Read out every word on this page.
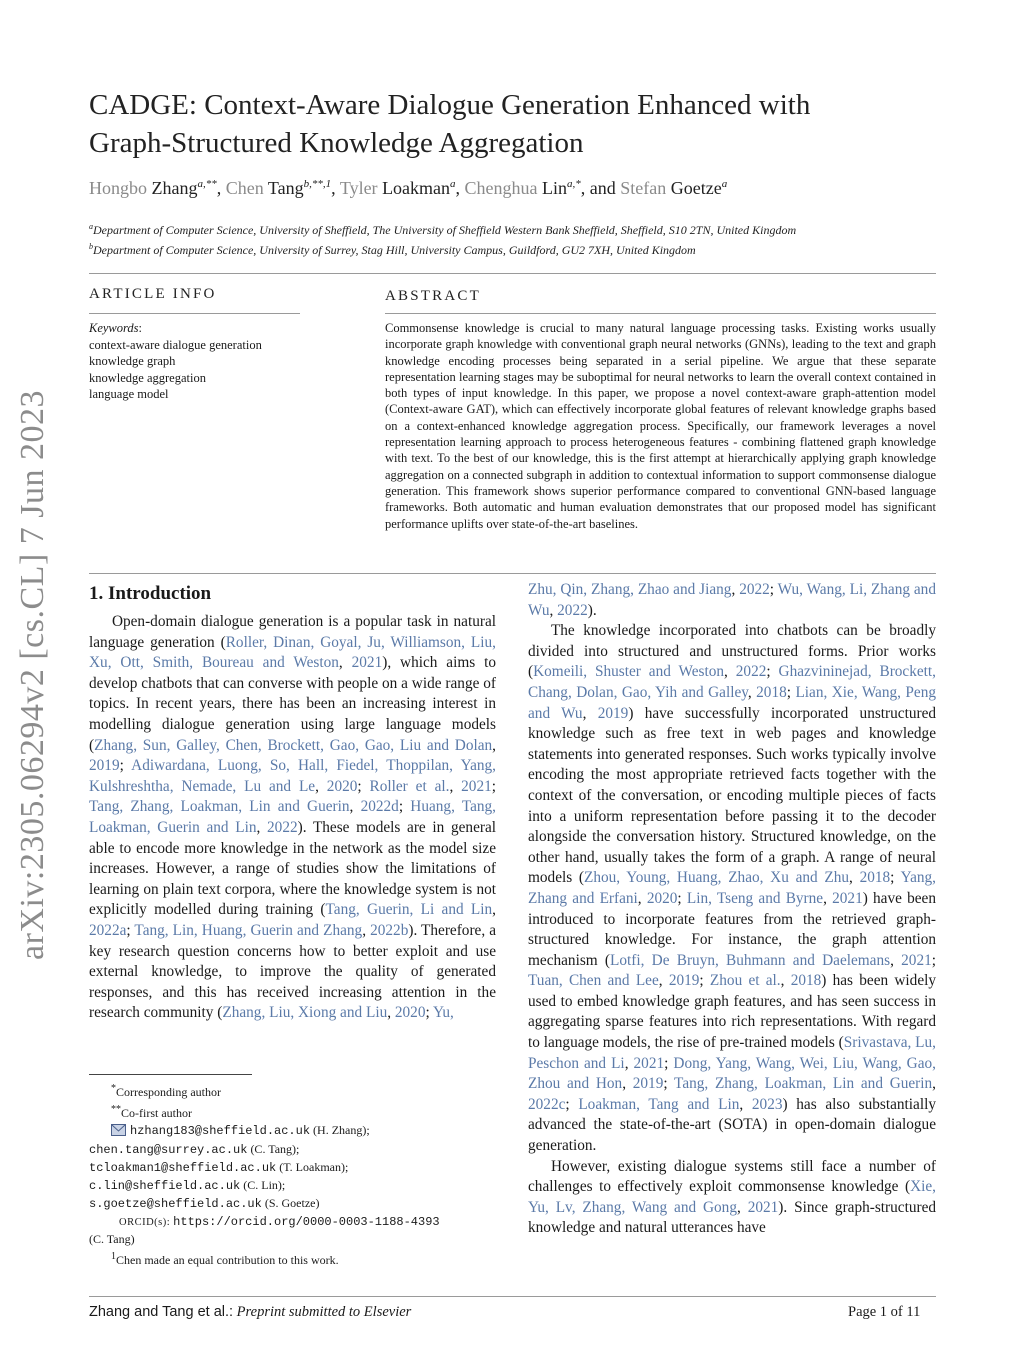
arXiv:2305.06294v2 [cs.CL] 7 Jun 2023
CADGE: Context-Aware Dialogue Generation Enhanced with
Graph-Structured Knowledge Aggregation
Hongbo Zhang$^{a,**}$, Chen Tang$^{b,**,1}$, Tyler Loakman$^a$, Chenghua Lin$^{a,*}$, and Stefan Goetze$^a$
$^a$Department of Computer Science, University of Sheffield, The University of Sheffield Western Bank Sheffield, Sheffield, S10 2TN, United Kingdom
$^b$Department of Computer Science, University of Surrey, Stag Hill, University Campus, Guildford, GU2 7XH, United Kingdom
ARTICLE INFO	ABSTRACT
Keywords:
context-aware dialogue generation
knowledge graph
knowledge aggregation
language model
Commonsense knowledge is crucial to many natural language processing tasks. Existing works usually incorporate graph knowledge with conventional graph neural networks (GNNs), leading to the text and graph knowledge encoding processes being separated in a serial pipeline. We argue that these separate representation learning stages may be suboptimal for neural networks to learn the overall context contained in both types of input knowledge. In this paper, we propose a novel context-aware graph-attention model (Context-aware GAT), which can effectively incorporate global features of relevant knowledge graphs based on a context-enhanced knowledge aggregation process. Specifically, our framework leverages a novel representation learning approach to process heterogeneous features - combining flattened graph knowledge with text. To the best of our knowledge, this is the first attempt at hierarchically applying graph knowledge aggregation on a connected subgraph in addition to contextual information to support commonsense dialogue generation. This framework shows superior performance compared to conventional GNN-based language frameworks. Both automatic and human evaluation demonstrates that our proposed model has significant performance uplifts over state-of-the-art baselines.
1. Introduction

Open-domain dialogue generation is a popular task in natural language generation (Roller, Dinan, Goyal, Ju, Williamson, Liu, Xu, Ott, Smith, Boureau and Weston, 2021), which aims to develop chatbots that can converse with people on a wide range of topics. In recent years, there has been an increasing interest in modelling dialogue generation using large language models (Zhang, Sun, Galley, Chen, Brockett, Gao, Gao, Liu and Dolan, 2019; Adiwardana, Luong, So, Hall, Fiedel, Thoppilan, Yang, Kulshreshtha, Nemade, Lu and Le, 2020; Roller et al., 2021; Tang, Zhang, Loakman, Lin and Guerin, 2022d; Huang, Tang, Loakman, Guerin and Lin, 2022). These models are in general able to encode more knowledge in the network as the model size increases. However, a range of studies show the limitations of learning on plain text corpora, where the knowledge system is not explicitly modelled during training (Tang, Guerin, Li and Lin, 2022a; Tang, Lin, Huang, Guerin and Zhang, 2022b). Therefore, a key research question concerns how to better exploit and use external knowledge, to improve the quality of generated responses, and this has received increasing attention in the research community (Zhang, Liu, Xiong and Liu, 2020; Yu,

Zhu, Qin, Zhang, Zhao and Jiang, 2022; Wu, Wang, Li, Zhang and Wu, 2022).

The knowledge incorporated into chatbots can be broadly divided into structured and unstructured forms. Prior works (Komeili, Shuster and Weston, 2022; Ghazvininejad, Brockett, Chang, Dolan, Gao, Yih and Galley, 2018; Lian, Xie, Wang, Peng and Wu, 2019) have successfully incorporated unstructured knowledge such as free text in web pages and knowledge statements into generated responses. Such works typically involve encoding the most appropriate retrieved facts together with the context of the conversation, or encoding multiple pieces of facts into a uniform representation before passing it to the decoder alongside the conversation history. Structured knowledge, on the other hand, usually takes the form of a graph. A range of neural models (Zhou, Young, Huang, Zhao, Xu and Zhu, 2018; Yang, Zhang and Erfani, 2020; Lin, Tseng and Byrne, 2021) have been introduced to incorporate features from the retrieved graph-structured knowledge. For instance, the graph attention mechanism (Lotfi, De Bruyn, Buhmann and Daelemans, 2021; Tuan, Chen and Lee, 2019; Zhou et al., 2018) has been widely used to embed knowledge graph features, and has seen success in aggregating sparse features into rich representations. With regard to language models, the rise of pre-trained models (Srivastava, Lu, Peschon and Li, 2021; Dong, Yang, Wang, Wei, Liu, Wang, Gao, Zhou and Hon, 2019; Tang, Zhang, Loakman, Lin and Guerin, 2022c; Loakman, Tang and Lin, 2023) has also substantially advanced the state-of-the-art (SOTA) in open-domain dialogue generation.

However, existing dialogue systems still face a number of challenges to effectively exploit commonsense knowledge (Xie, Yu, Lv, Zhang, Wang and Gong, 2021). Since graph-structured knowledge and natural utterances have

*Corresponding author
**Co-first author
hzhang183@sheffield.ac.uk (H. Zhang);
chen.tang@surrey.ac.uk (C. Tang);
tcloakman1@sheffield.ac.uk (T. Loakman);
c.lin@sheffield.ac.uk (C. Lin);
s.goetze@sheffield.ac.uk (S. Goetze)
ORCID(s): https://orcid.org/0000-0003-1188-4393
(C. Tang)
$^1$Chen made an equal contribution to this work.
Zhang and Tang et al.: Preprint submitted to Elsevier	Page 1 of 11
